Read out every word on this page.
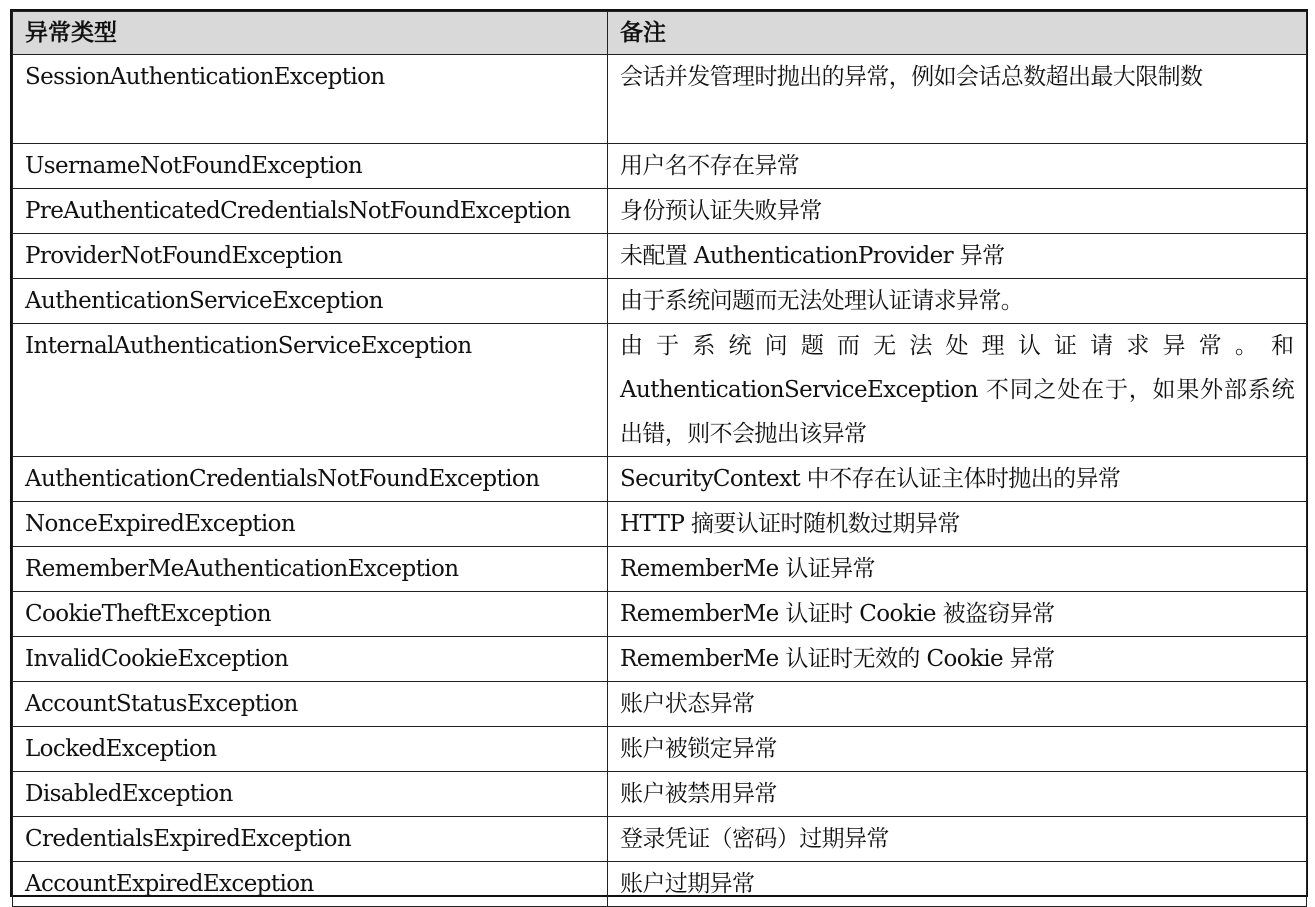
异常类型	备注
SessionAuthenticationException	会话并发管理时抛出的异常，例如会话总数超出最大限制数
UsernameNotFoundException	用户名不存在异常
PreAuthenticatedCredentialsNotFoundException	身份预认证失败异常
ProviderNotFoundException	未配置 AuthenticationProvider 异常
AuthenticationServiceException	由于系统问题而无法处理认证请求异常。
InternalAuthenticationServiceException	由于系统问题而无法处理认证请求异常。和
AuthenticationServiceException 不同之处在于，如果外部系统出错，则不会抛出该异常
AuthenticationCredentialsNotFoundException	SecurityContext 中不存在认证主体时抛出的异常
NonceExpiredException	HTTP 摘要认证时随机数过期异常
RememberMeAuthenticationException	RememberMe 认证异常
CookieTheftException	RememberMe 认证时 Cookie 被盗窃异常
InvalidCookieException	RememberMe 认证时无效的 Cookie 异常
AccountStatusException	账户状态异常
LockedException	账户被锁定异常
DisabledException	账户被禁用异常
CredentialsExpiredException	登录凭证（密码）过期异常
AccountExpiredException	账户过期异常
